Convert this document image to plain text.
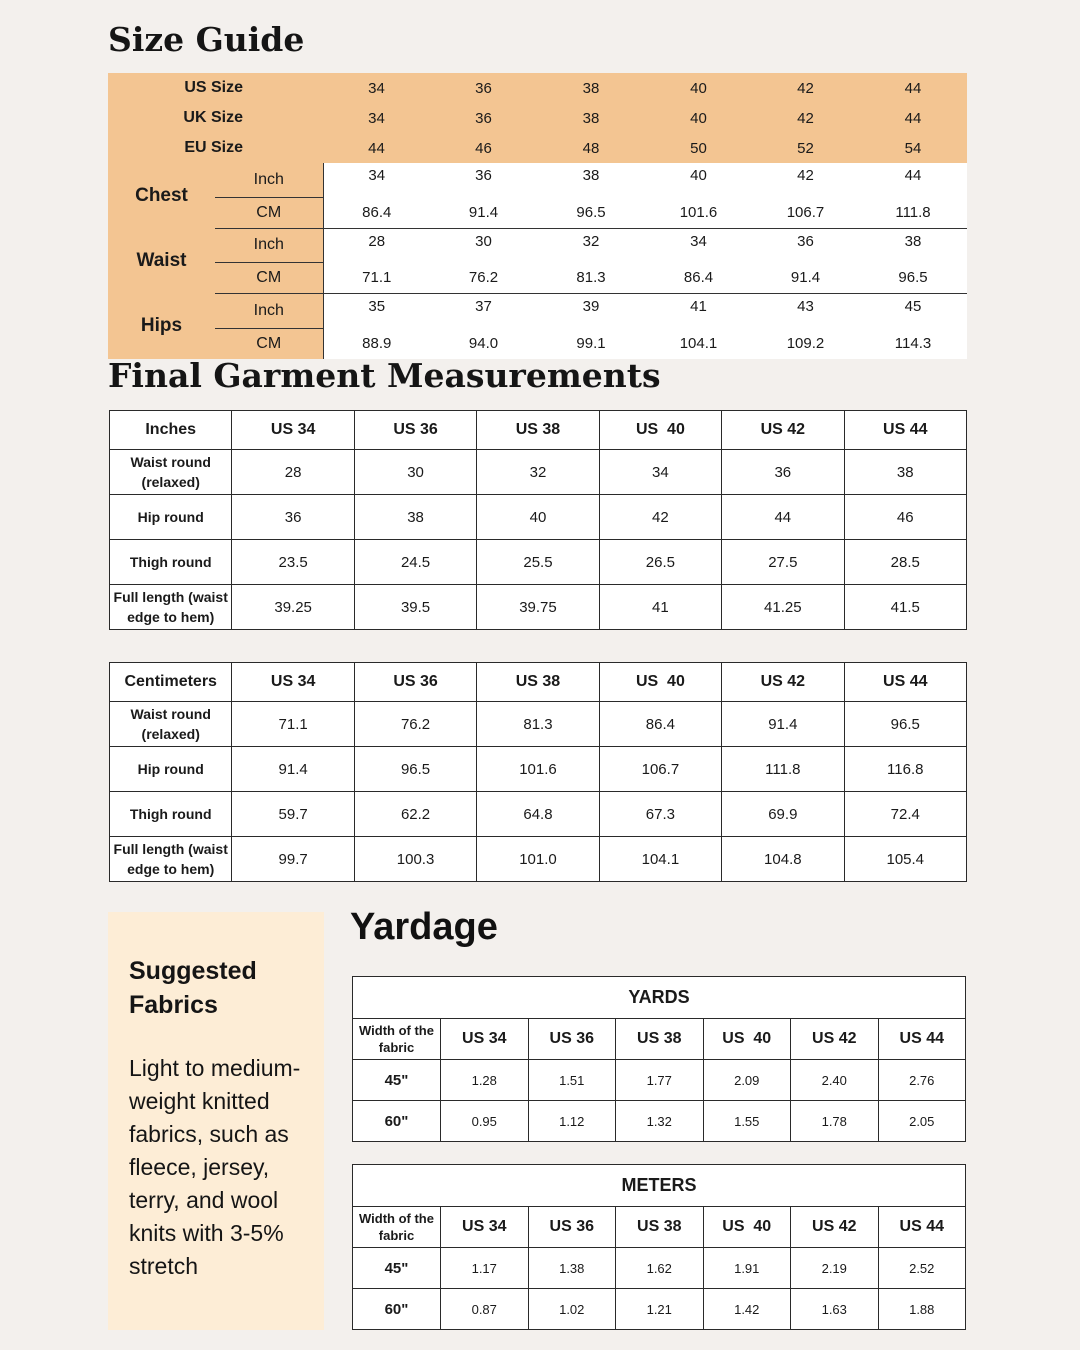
Size Guide
US Size		34	36	38	40	42	44
UK Size		34	36	38	40	42	44
EU Size		44	46	48	50	52	54
Chest	Inch	34	36	38	40	42	44
	CM	86.4	91.4	96.5	101.6	106.7	111.8
Waist	Inch	28	30	32	34	36	38
	CM	71.1	76.2	81.3	86.4	91.4	96.5
Hips	Inch	35	37	39	41	43	45
	CM	88.9	94.0	99.1	104.1	109.2	114.3
Final Garment Measurements
Inches	US 34	US 36	US 38	US  40	US 42	US 44
Waist round
(relaxed)	28	30	32	34	36	38
Hip round	36	38	40	42	44	46
Thigh round	23.5	24.5	25.5	26.5	27.5	28.5
Full length (waist
edge to hem)	39.25	39.5	39.75	41	41.25	41.5
Centimeters	US 34	US 36	US 38	US  40	US 42	US 44
Waist round
(relaxed)	71.1	76.2	81.3	86.4	91.4	96.5
Hip round	91.4	96.5	101.6	106.7	111.8	116.8
Thigh round	59.7	62.2	64.8	67.3	69.9	72.4
Full length (waist
edge to hem)	99.7	100.3	101.0	104.1	104.8	105.4

Suggested Fabrics

Light to medium-weight knitted fabrics, such as fleece, jersey, terry, and wool knits with 3-5% stretch

Yardage
YARDS						
Width of the
fabric	US 34	US 36	US 38	US  40	US 42	US 44
45"	1.28	1.51	1.77	2.09	2.40	2.76
60"	0.95	1.12	1.32	1.55	1.78	2.05
METERS						
Width of the
fabric	US 34	US 36	US 38	US  40	US 42	US 44
45"	1.17	1.38	1.62	1.91	2.19	2.52
60"	0.87	1.02	1.21	1.42	1.63	1.88
